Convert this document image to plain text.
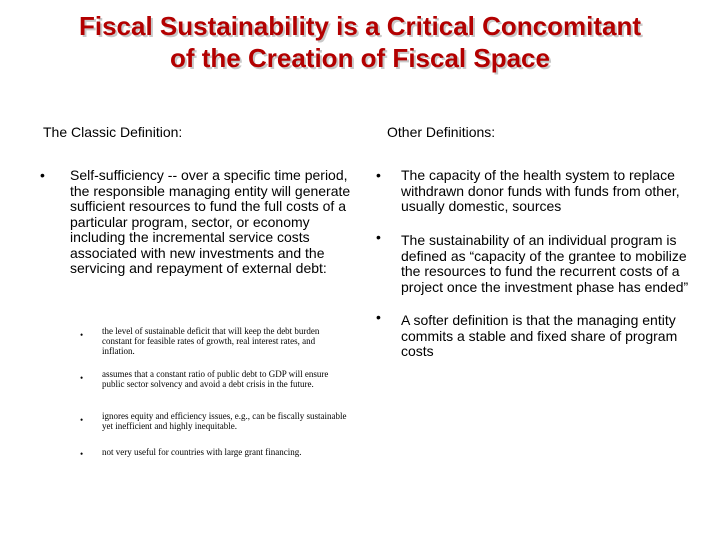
Fiscal Sustainability is a Critical Concomitant
of the Creation of Fiscal Space
The Classic Definition:
• Self-sufficiency -- over a specific time period, the responsible managing entity will generate sufficient resources to fund the full costs of a particular program, sector, or economy including the incremental service costs associated with new investments and the servicing and repayment of external debt:
• the level of sustainable deficit that will keep the debt burden constant for feasible rates of growth, real interest rates, and inflation.
• assumes that a constant ratio of public debt to GDP will ensure public sector solvency and avoid a debt crisis in the future.
• ignores equity and efficiency issues, e.g., can be fiscally sustainable yet inefficient and highly inequitable.
• not very useful for countries with large grant financing.
Other Definitions:
• The capacity of the health system to replace withdrawn donor funds with funds from other, usually domestic, sources
• The sustainability of an individual program is defined as “capacity of the grantee to mobilize the resources to fund the recurrent costs of a project once the investment phase has ended”
• A softer definition is that the managing entity commits a stable and fixed share of program costs
